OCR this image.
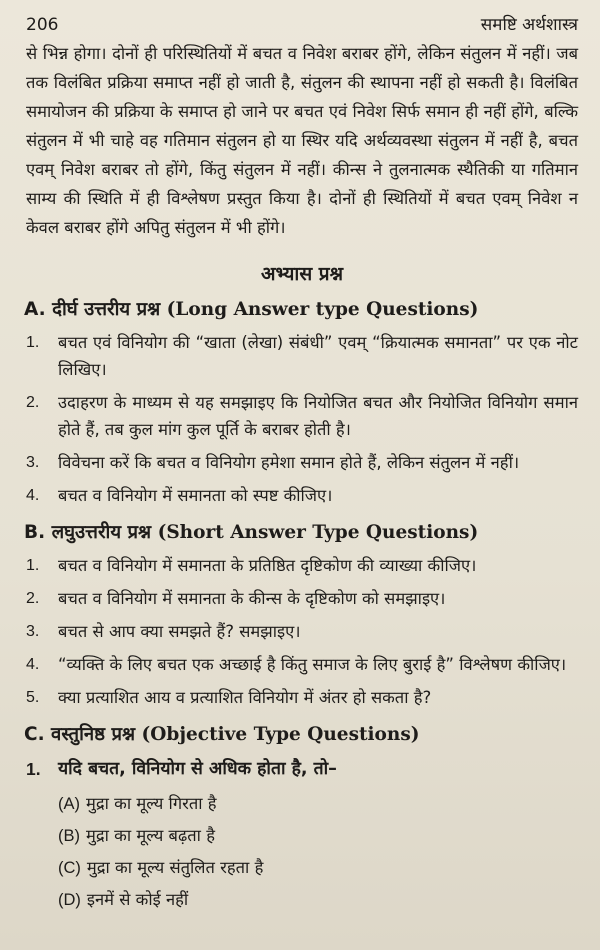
206	समष्टि अर्थशास्त्र

से भिन्न होगा। दोनों ही परिस्थितियों में बचत व निवेश बराबर होंगे, लेकिन संतुलन में नहीं। जब तक विलंबित प्रक्रिया समाप्त नहीं हो जाती है, संतुलन की स्थापना नहीं हो सकती है। विलंबित समायोजन की प्रक्रिया के समाप्त हो जाने पर बचत एवं निवेश सिर्फ समान ही नहीं होंगे, बल्कि संतुलन में भी चाहे वह गतिमान संतुलन हो या स्थिर यदि अर्थव्यवस्था संतुलन में नहीं है, बचत एवम् निवेश बराबर तो होंगे, किंतु संतुलन में नहीं। कीन्स ने तुलनात्मक स्थैतिकी या गतिमान साम्य की स्थिति में ही विश्लेषण प्रस्तुत किया है। दोनों ही स्थितियों में बचत एवम् निवेश न केवल बराबर होंगे अपितु संतुलन में भी होंगे।

अभ्यास प्रश्न
A. दीर्घ उत्तरीय प्रश्न (Long Answer type Questions)
1. बचत एवं विनियोग की “खाता (लेखा) संबंधी” एवम् “क्रियात्मक समानता” पर एक नोट लिखिए।
2. उदाहरण के माध्यम से यह समझाइए कि नियोजित बचत और नियोजित विनियोग समान होते हैं, तब कुल मांग कुल पूर्ति के बराबर होती है।
3. विवेचना करें कि बचत व विनियोग हमेशा समान होते हैं, लेकिन संतुलन में नहीं।
4. बचत व विनियोग में समानता को स्पष्ट कीजिए।
B. लघुउत्तरीय प्रश्न (Short Answer Type Questions)
1. बचत व विनियोग में समानता के प्रतिष्ठित दृष्टिकोण की व्याख्या कीजिए।
2. बचत व विनियोग में समानता के कीन्स के दृष्टिकोण को समझाइए।
3. बचत से आप क्या समझते हैं? समझाइए।
4. “व्यक्ति के लिए बचत एक अच्छाई है किंतु समाज के लिए बुराई है” विश्लेषण कीजिए।
5. क्या प्रत्याशित आय व प्रत्याशित विनियोग में अंतर हो सकता है?
C. वस्तुनिष्ठ प्रश्न (Objective Type Questions)
1. यदि बचत, विनियोग से अधिक होता है, तो–
(A) मुद्रा का मूल्य गिरता है
(B) मुद्रा का मूल्य बढ़ता है
(C) मुद्रा का मूल्य संतुलित रहता है
(D) इनमें से कोई नहीं
